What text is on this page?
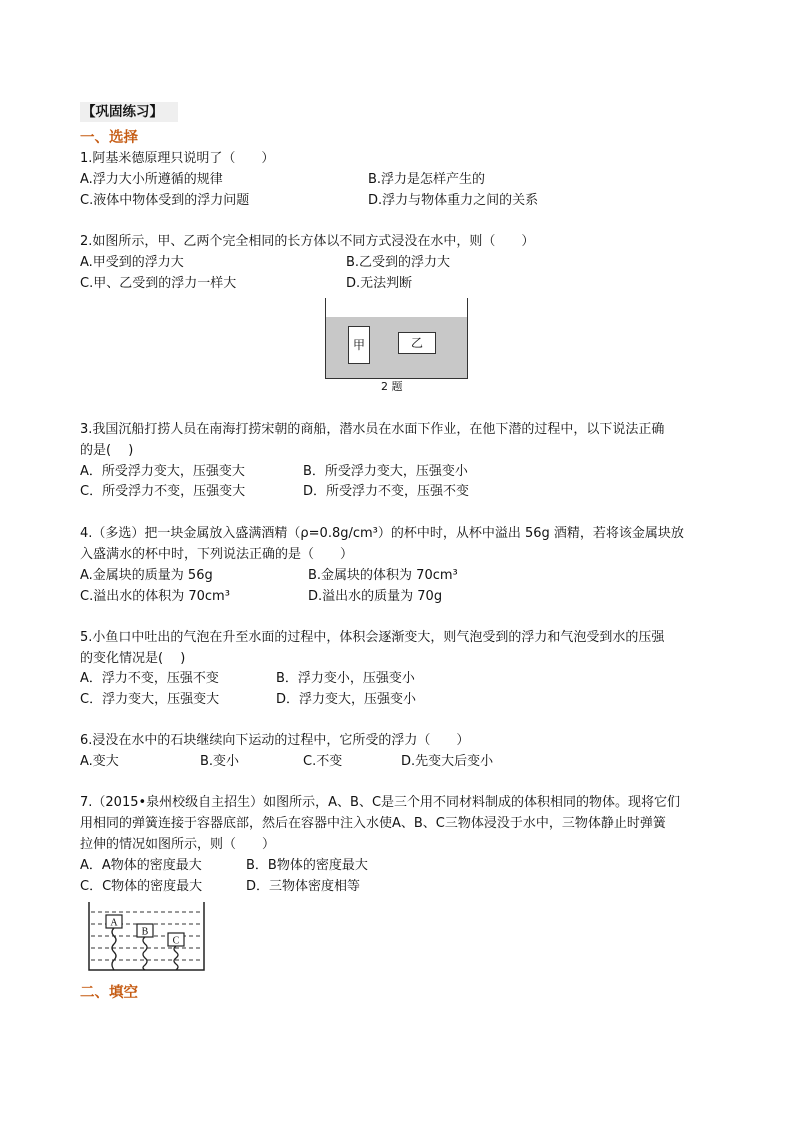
【巩固练习】
一、选择
1.阿基米德原理只说明了（　　）
A.浮力大小所遵循的规律	B.浮力是怎样产生的
C.液体中物体受到的浮力问题	D.浮力与物体重力之间的关系
2.如图所示，甲、乙两个完全相同的长方体以不同方式浸没在水中，则（　　）
A.甲受到的浮力大	B.乙受到的浮力大
C.甲、乙受到的浮力一样大	D.无法判断
甲	乙
2 题
3.我国沉船打捞人员在南海打捞宋朝的商船，潜水员在水面下作业，在他下潜的过程中，以下说法正确
的是(　 )
A．所受浮力变大，压强变大	B．所受浮力变大，压强变小
C．所受浮力不变，压强变大	D．所受浮力不变，压强不变
4.（多选）把一块金属放入盛满酒精（ρ=0.8g/cm³）的杯中时，从杯中溢出 56g 酒精，若将该金属块放
入盛满水的杯中时，下列说法正确的是（　　）
A.金属块的质量为 56g	B.金属块的体积为 70cm³
C.溢出水的体积为 70cm³	D.溢出水的质量为 70g
5.小鱼口中吐出的气泡在升至水面的过程中，体积会逐渐变大，则气泡受到的浮力和气泡受到水的压强
的变化情况是(　 )
A．浮力不变，压强不变	B．浮力变小，压强变小
C．浮力变大，压强变大	D．浮力变大，压强变小
6.浸没在水中的石块继续向下运动的过程中，它所受的浮力（　　）
A.变大	B.变小	C.不变	D.先变大后变小
7.（2015•泉州校级自主招生）如图所示，A、B、C是三个用不同材料制成的体积相同的物体。现将它们
用相同的弹簧连接于容器底部，然后在容器中注入水使A、B、C三物体浸没于水中，三物体静止时弹簧
拉伸的情况如图所示，则（　　）
A．A物体的密度最大	B．B物体的密度最大
C．C物体的密度最大	D．三物体密度相等
A
B
C
二、填空
